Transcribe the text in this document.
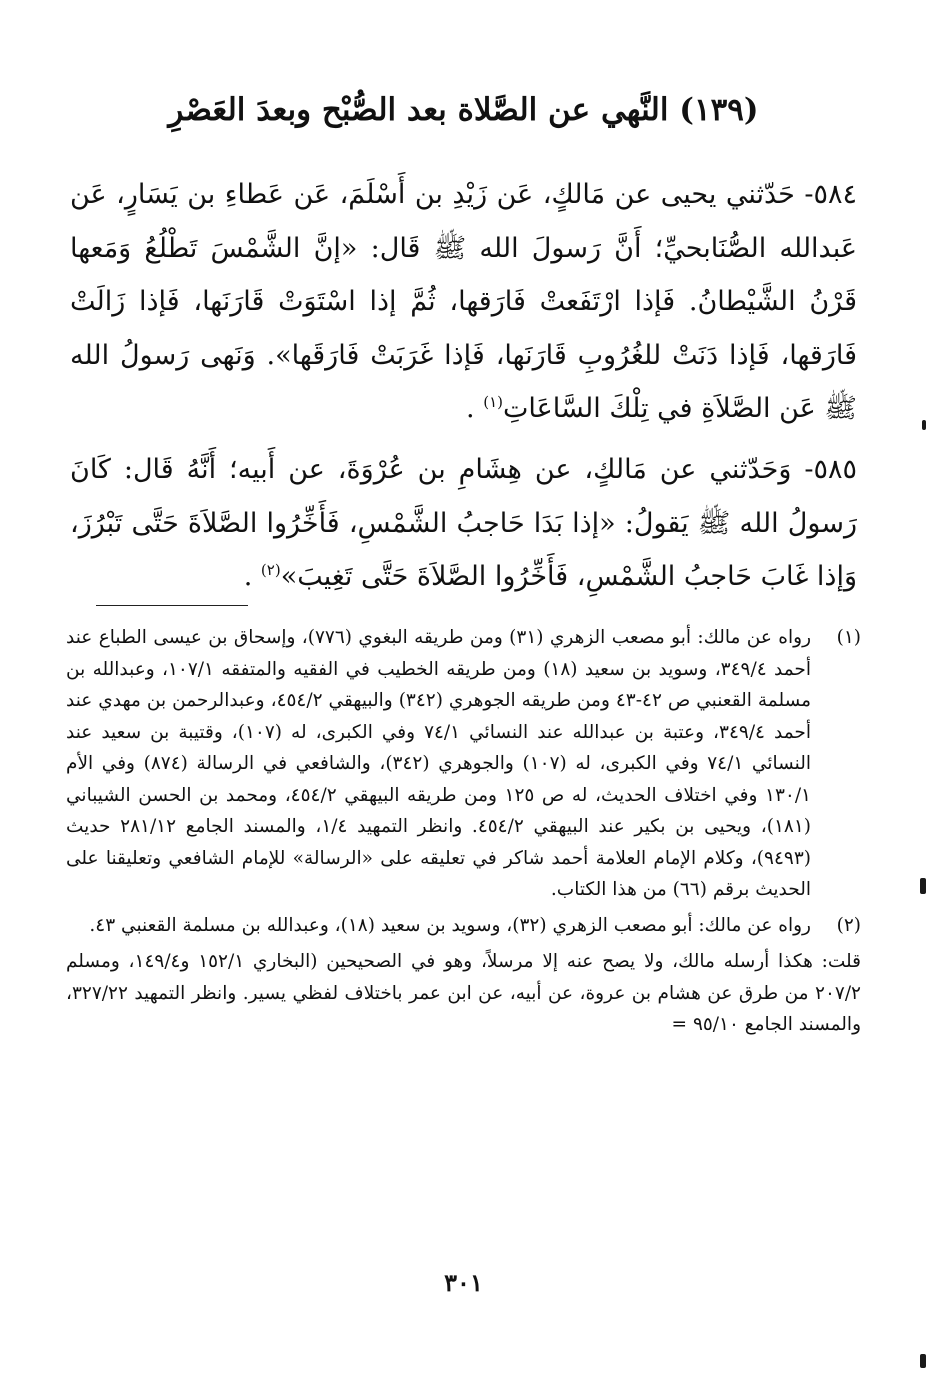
(١٣٩) النَّهي عن الصَّلاة بعد الصُّبْح وبعدَ العَصْرِ

٥٨٤- حَدّثني يحيى عن مَالكٍ، عَن زَيْدِ بن أَسْلَمَ، عَن عَطاءِ بن يَسَارٍ، عَن عَبدالله الصُّنَابحيِّ؛ أَنَّ رَسولَ الله ﷺ قَال: «إنَّ الشَّمْسَ تَطْلُعُ وَمَعها قَرْنُ الشَّيْطانُ. فَإذا ارْتَفَعتْ فَارَقها، ثُمَّ إذا اسْتَوَتْ قَارَنَها، فَإذا زَالَتْ فَارَقها، فَإذا دَنَتْ للغُرُوبِ قَارَنَها، فَإذا غَرَبَتْ فَارَقَها». وَنَهى رَسولُ الله ﷺ عَن الصَّلاَةِ في تِلْكَ السَّاعَاتِ$^{(١)}$ .

٥٨٥- وَحَدّثني عن مَالكٍ، عن هِشَامِ بن عُرْوَةَ، عن أَبيه؛ أَنَّهُ قَال: كَانَ رَسولُ الله ﷺ يَقولُ: «إذا بَدَا حَاجبُ الشَّمْسِ، فَأَخِّرُوا الصَّلاَةَ حَتَّى تَبْرُزَ، وَإذا غَابَ حَاجبُ الشَّمْسِ، فَأَخِّرُوا الصَّلاَةَ حَتَّى تَغِيبَ»$^{(٢)}$ .

(١)
رواه عن مالك: أبو مصعب الزهري (٣١) ومن طريقه البغوي (٧٧٦)، وإسحاق بن عيسى الطباع عند أحمد ٣٤٩/٤، وسويد بن سعيد (١٨) ومن طريقه الخطيب في الفقيه والمتفقه ١٠٧/١، وعبدالله بن مسلمة القعنبي ص ٤٢-٤٣ ومن طريقه الجوهري (٣٤٢) والبيهقي ٤٥٤/٢، وعبدالرحمن بن مهدي عند أحمد ٣٤٩/٤، وعتبة بن عبدالله عند النسائي ٧٤/١ وفي الكبرى، له (١٠٧)، وقتيبة بن سعيد عند النسائي ٧٤/١ وفي الكبرى، له (١٠٧) والجوهري (٣٤٢)، والشافعي في الرسالة (٨٧٤) وفي الأم ١٣٠/١ وفي اختلاف الحديث، له ص ١٢٥ ومن طريقه البيهقي ٤٥٤/٢، ومحمد بن الحسن الشيباني (١٨١)، ويحيى بن بكير عند البيهقي ٤٥٤/٢. وانظر التمهيد ١/٤، والمسند الجامع ٢٨١/١٢ حديث (٩٤٩٣)، وكلام الإمام العلامة أحمد شاكر في تعليقه على «الرسالة» للإمام الشافعي وتعليقنا على الحديث برقم (٦٦) من هذا الكتاب.
(٢)
رواه عن مالك: أبو مصعب الزهري (٣٢)، وسويد بن سعيد (١٨)، وعبدالله بن مسلمة القعنبي ٤٣.
قلت: هكذا أرسله مالك، ولا يصح عنه إلا مرسلاً، وهو في الصحيحين (البخاري ١٥٢/١ و١٤٩/٤، ومسلم ٢٠٧/٢ من طرق عن هشام بن عروة، عن أبيه، عن ابن عمر باختلاف لفظي يسير. وانظر التمهيد ٣٢٧/٢٢، والمسند الجامع ٩٥/١٠ =
٣٠١
